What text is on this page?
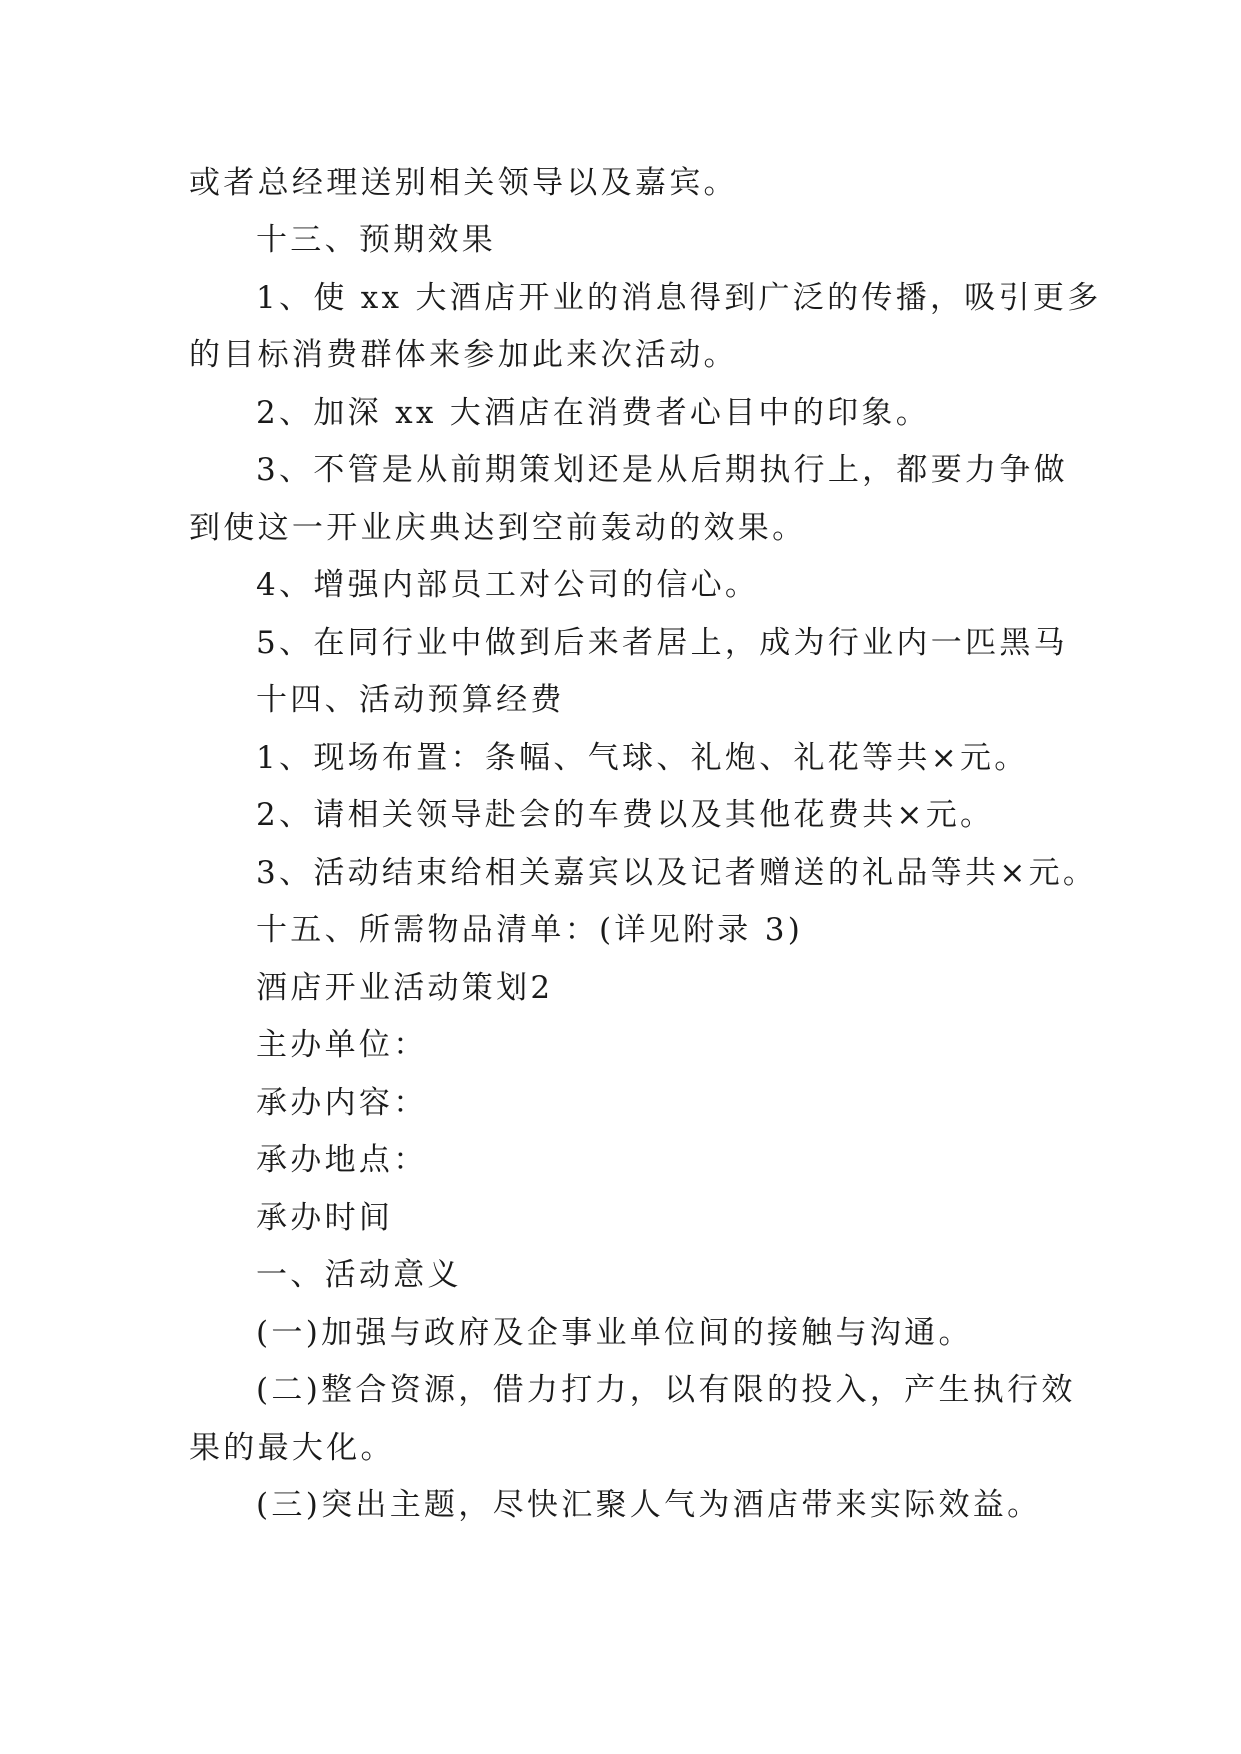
或者总经理送别相关领导以及嘉宾。
十三、预期效果
1、使 xx 大酒店开业的消息得到广泛的传播，吸引更多
的目标消费群体来参加此来次活动。
2、加深 xx 大酒店在消费者心目中的印象。
3、不管是从前期策划还是从后期执行上，都要力争做
到使这一开业庆典达到空前轰动的效果。
4、增强内部员工对公司的信心。
5、在同行业中做到后来者居上，成为行业内一匹黑马
十四、活动预算经费
1、现场布置：条幅、气球、礼炮、礼花等共×元。
2、请相关领导赴会的车费以及其他花费共×元。
3、活动结束给相关嘉宾以及记者赠送的礼品等共×元。
十五、所需物品清单：(详见附录 3)
酒店开业活动策划2
主办单位：
承办内容：
承办地点：
承办时间
一、活动意义
(一)加强与政府及企事业单位间的接触与沟通。
(二)整合资源，借力打力，以有限的投入，产生执行效
果的最大化。
(三)突出主题，尽快汇聚人气为酒店带来实际效益。
